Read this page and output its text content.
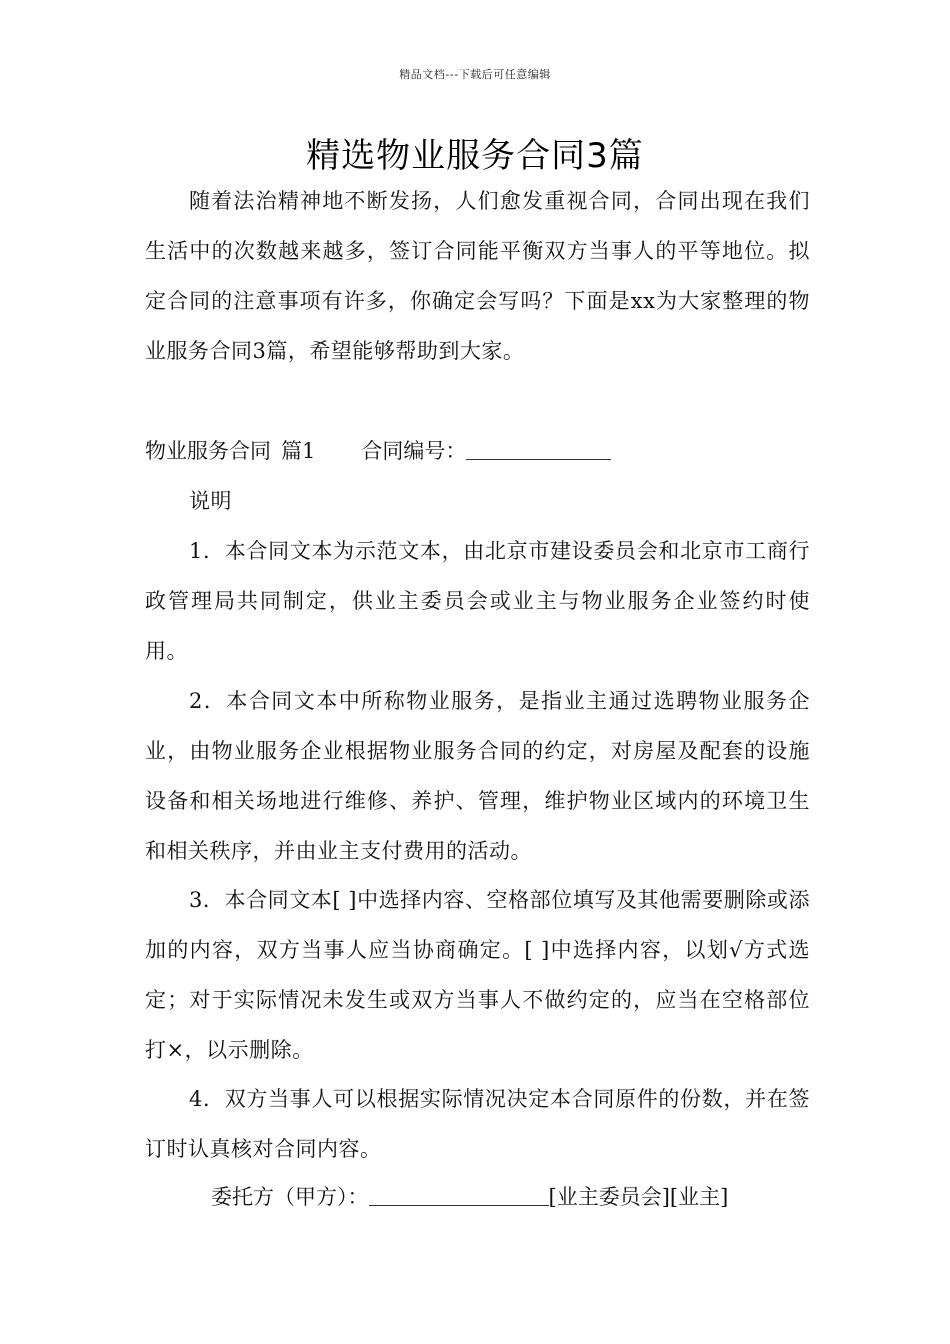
精品文档---下载后可任意编辑
精选物业服务合同3篇

随着法治精神地不断发扬，人们愈发重视合同，合同出现在我们生活中的次数越来越多，签订合同能平衡双方当事人的平等地位。拟定合同的注意事项有许多，你确定会写吗？下面是xx为大家整理的物业服务合同3篇，希望能够帮助到大家。

物业服务合同 篇1 合同编号：

说明

1．本合同文本为示范文本，由北京市建设委员会和北京市工商行政管理局共同制定，供业主委员会或业主与物业服务企业签约时使用。

2．本合同文本中所称物业服务，是指业主通过选聘物业服务企业，由物业服务企业根据物业服务合同的约定，对房屋及配套的设施设备和相关场地进行维修、养护、管理，维护物业区域内的环境卫生和相关秩序，并由业主支付费用的活动。

3．本合同文本[ ]中选择内容、空格部位填写及其他需要删除或添加的内容，双方当事人应当协商确定。[ ]中选择内容，以划√方式选定；对于实际情况未发生或双方当事人不做约定的，应当在空格部位打×，以示删除。

4．双方当事人可以根据实际情况决定本合同原件的份数，并在签订时认真核对合同内容。

委托方（甲方）：	[业主委员会][业主]
